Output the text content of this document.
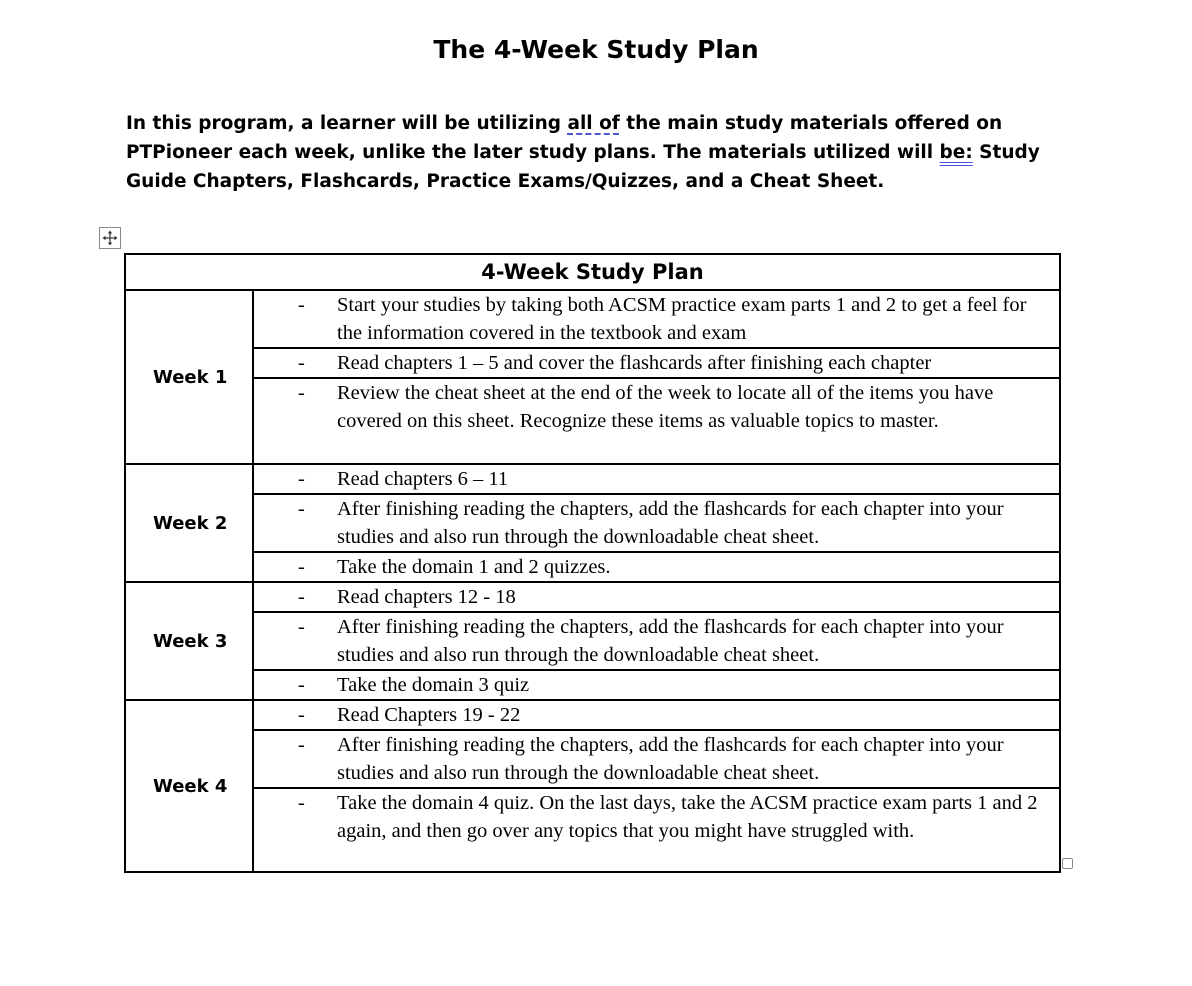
The 4-Week Study Plan

In this program, a learner will be utilizing all of the main study materials offered on PTPioneer each week, unlike the later study plans. The materials utilized will be: Study Guide Chapters, Flashcards, Practice Exams/Quizzes, and a Cheat Sheet.

4-Week Study Plan	
Week 1	- Start your studies by taking both ACSM practice exam parts 1 and 2 to get a feel for the information covered in the textbook and exam

	- Read chapters 1 – 5 and cover the flashcards after finishing each chapter

	- Review the cheat sheet at the end of the week to locate all of the items you have covered on this sheet. Recognize these items as valuable topics to master.

Week 2	- Read chapters 6 – 11

	- After finishing reading the chapters, add the flashcards for each chapter into your studies and also run through the downloadable cheat sheet.

	- Take the domain 1 and 2 quizzes.

Week 3	- Read chapters 12 - 18

	- After finishing reading the chapters, add the flashcards for each chapter into your studies and also run through the downloadable cheat sheet.

	- Take the domain 3 quiz

Week 4	- Read Chapters 19 - 22

	- After finishing reading the chapters, add the flashcards for each chapter into your studies and also run through the downloadable cheat sheet.

	- Take the domain 4 quiz. On the last days, take the ACSM practice exam parts 1 and 2 again, and then go over any topics that you might have struggled with.
